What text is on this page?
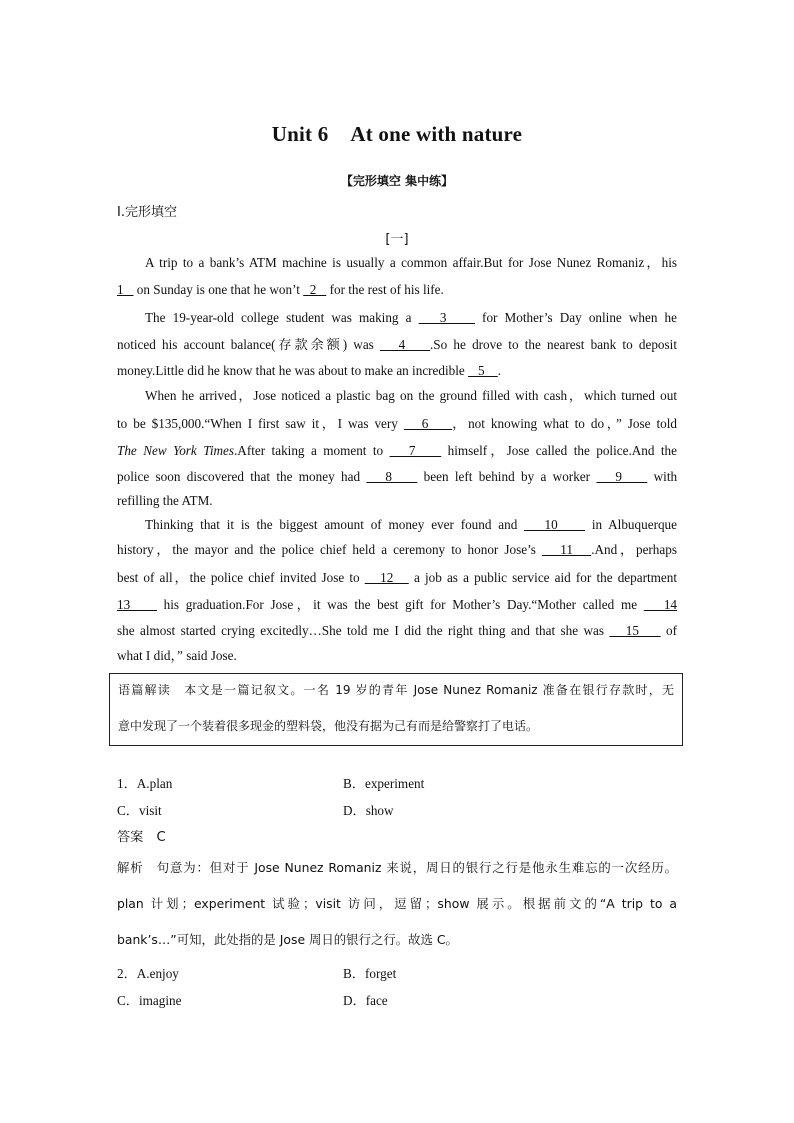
Unit 6 At one with nature
【完形填空 集中练】
Ⅰ.完形填空
[一]
A trip to a bank’s ATM machine is usually a common affair.But for Jose Nunez Romaniz，his
1    on Sunday is one that he won’t   2    for the rest of his life.
The 19-year-old college student was making a    3     for Mother’s Day online when he
noticed his account balance(存款余额) was    4    .So he drove to the nearest bank to deposit
money.Little did he know that he was about to make an incredible    5    .
When he arrived，Jose noticed a plastic bag on the ground filled with cash，which turned out
to be $135,000.“When I first saw it，I was very    6    ，not knowing what to do，” Jose told
The New York Times.After taking a moment to    7     himself，Jose called the police.And the
police soon discovered that the money had    8     been left behind by a worker    9     with
refilling the ATM.
Thinking that it is the biggest amount of money ever found and    10     in Albuquerque
history，the mayor and the police chief held a ceremony to honor Jose’s    11   .And，perhaps
best of all，the police chief invited Jose to    12    a job as a public service aid for the department
13     his graduation.For Jose，it was the best gift for Mother’s Day.“Mother called me    14
she almost started crying excitedly…She told me I did the right thing and that she was    15     of
what I did，” said Jose.
语篇解读　本文是一篇记叙文。一名 19 岁的青年 Jose Nunez Romaniz 准备在银行存款时，无
意中发现了一个装着很多现金的塑料袋，他没有据为己有而是给警察打了电话。
1．A.plan	B．experiment
C．visit	D．show
答案　C
解析　句意为：但对于 Jose Nunez Romaniz 来说，周日的银行之行是他永生难忘的一次经历。
plan 计划；experiment 试验；visit 访问，逗留；show 展示。根据前文的“A trip to a
bank’s…”可知，此处指的是 Jose 周日的银行之行。故选 C。
2．A.enjoy	B．forget
C．imagine	D．face
